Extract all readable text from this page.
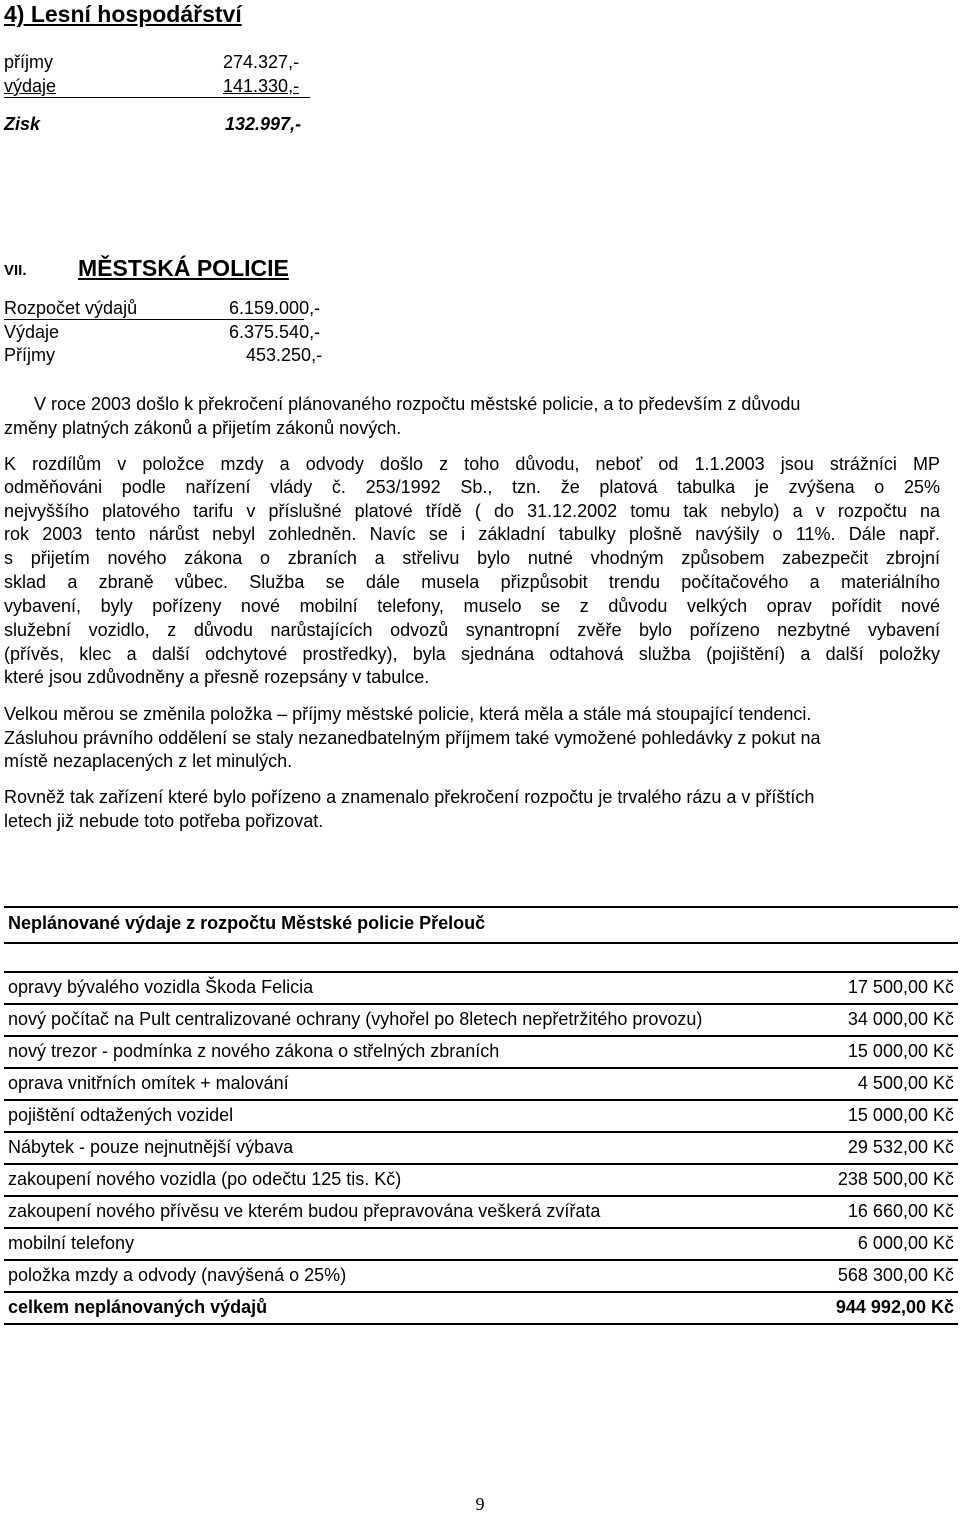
4) Lesní hospodářství
příjmy	274.327,-
výdaje	141.330,-
Zisk	132.997,-
VII. MĚSTSKÁ POLICIE
Rozpočet výdajů	6.159.000,-
Výdaje	6.375.540,-
Příjmy	453.250,-
V roce 2003 došlo k překročení plánovaného rozpočtu městské policie, a to především z důvodu
změny platných zákonů a přijetím zákonů nových.
K rozdílům v položce mzdy a odvody došlo z toho důvodu, neboť od 1.1.2003 jsou strážníci MP
odměňováni podle nařízení vlády č. 253/1992 Sb., tzn. že platová tabulka je zvýšena o 25%
nejvyššího platového tarifu v příslušné platové třídě ( do 31.12.2002 tomu tak nebylo) a v rozpočtu na
rok 2003 tento nárůst nebyl zohledněn. Navíc se i základní tabulky plošně navýšily o 11%. Dále např.
s přijetím nového zákona o zbraních a střelivu bylo nutné vhodným způsobem zabezpečit zbrojní
sklad a zbraně vůbec. Služba se dále musela přizpůsobit trendu počítačového a materiálního
vybavení, byly pořízeny nové mobilní telefony, muselo se z důvodu velkých oprav pořídit nové
služební vozidlo, z důvodu narůstajících odvozů synantropní zvěře bylo pořízeno nezbytné vybavení
(přívěs, klec a další odchytové prostředky), byla sjednána odtahová služba (pojištění) a další položky
které jsou zdůvodněny a přesně rozepsány v tabulce.
Velkou měrou se změnila položka – příjmy městské policie, která měla a stále má stoupající tendenci.
Zásluhou právního oddělení se staly nezanedbatelným příjmem také vymožené pohledávky z pokut na
místě nezaplacených z let minulých.
Rovněž tak zařízení které bylo pořízeno a znamenalo překročení rozpočtu je trvalého rázu a v příštích
letech již nebude toto potřeba pořizovat.
Neplánované výdaje z rozpočtu Městské policie Přelouč
opravy bývalého vozidla Škoda Felicia	17 500,00 Kč
nový počítač na Pult centralizované ochrany (vyhořel po 8letech nepřetržitého provozu)	34 000,00 Kč
nový trezor - podmínka z nového zákona o střelných zbraních	15 000,00 Kč
oprava vnitřních omítek + malování	4 500,00 Kč
pojištění odtažených vozidel	15 000,00 Kč
Nábytek - pouze nejnutnější výbava	29 532,00 Kč
zakoupení nového vozidla (po odečtu 125 tis. Kč)	238 500,00 Kč
zakoupení nového přívěsu ve kterém budou přepravována veškerá zvířata	16 660,00 Kč
mobilní telefony	6 000,00 Kč
položka mzdy a odvody (navýšená o 25%)	568 300,00 Kč
celkem neplánovaných výdajů	944 992,00 Kč
9
